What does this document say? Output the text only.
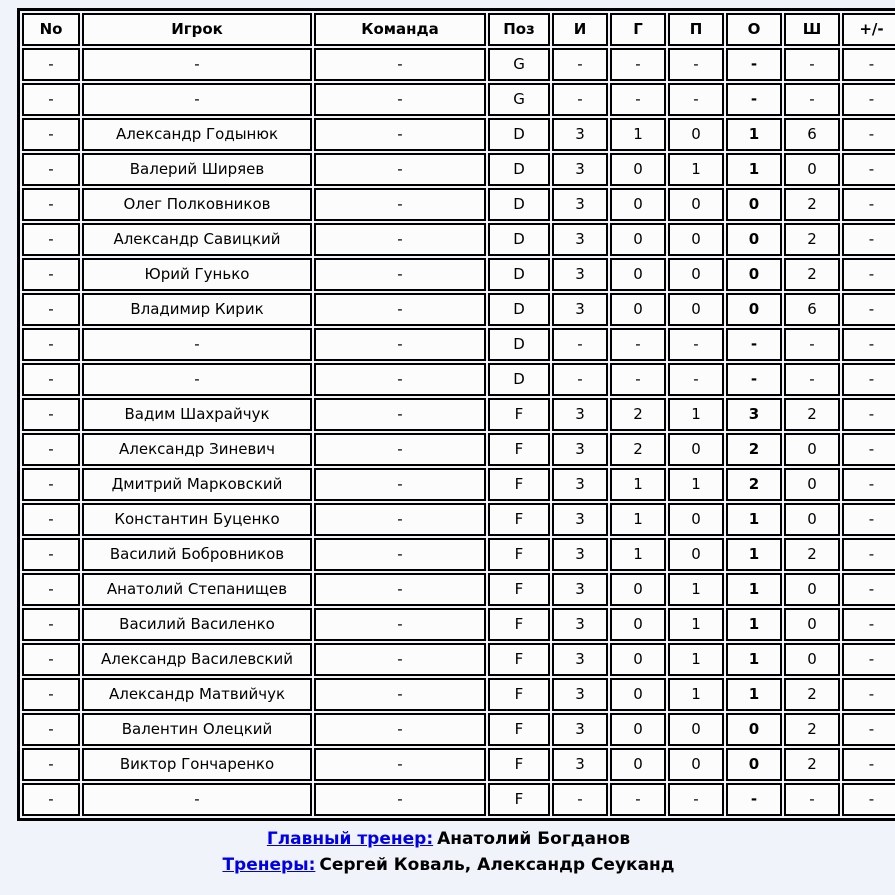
No	Игрок	Команда	Поз	И	Г	П	О	Ш	+/-
-	-	-	G	-	-	-	-	-	-
-	-	-	G	-	-	-	-	-	-
-	Александр Годынюк	-	D	3	1	0	1	6	-
-	Валерий Ширяев	-	D	3	0	1	1	0	-
-	Олег Полковников	-	D	3	0	0	0	2	-
-	Александр Савицкий	-	D	3	0	0	0	2	-
-	Юрий Гунько	-	D	3	0	0	0	2	-
-	Владимир Кирик	-	D	3	0	0	0	6	-
-	-	-	D	-	-	-	-	-	-
-	-	-	D	-	-	-	-	-	-
-	Вадим Шахрайчук	-	F	3	2	1	3	2	-
-	Александр Зиневич	-	F	3	2	0	2	0	-
-	Дмитрий Марковский	-	F	3	1	1	2	0	-
-	Константин Буценко	-	F	3	1	0	1	0	-
-	Василий Бобровников	-	F	3	1	0	1	2	-
-	Анатолий Степанищев	-	F	3	0	1	1	0	-
-	Василий Василенко	-	F	3	0	1	1	0	-
-	Александр Василевский	-	F	3	0	1	1	0	-
-	Александр Матвийчук	-	F	3	0	1	1	2	-
-	Валентин Олецкий	-	F	3	0	0	0	2	-
-	Виктор Гончаренко	-	F	3	0	0	0	2	-
-	-	-	F	-	-	-	-	-	-
Главный тренер: Анатолий Богданов
Тренеры: Сергей Коваль, Александр Сеуканд
